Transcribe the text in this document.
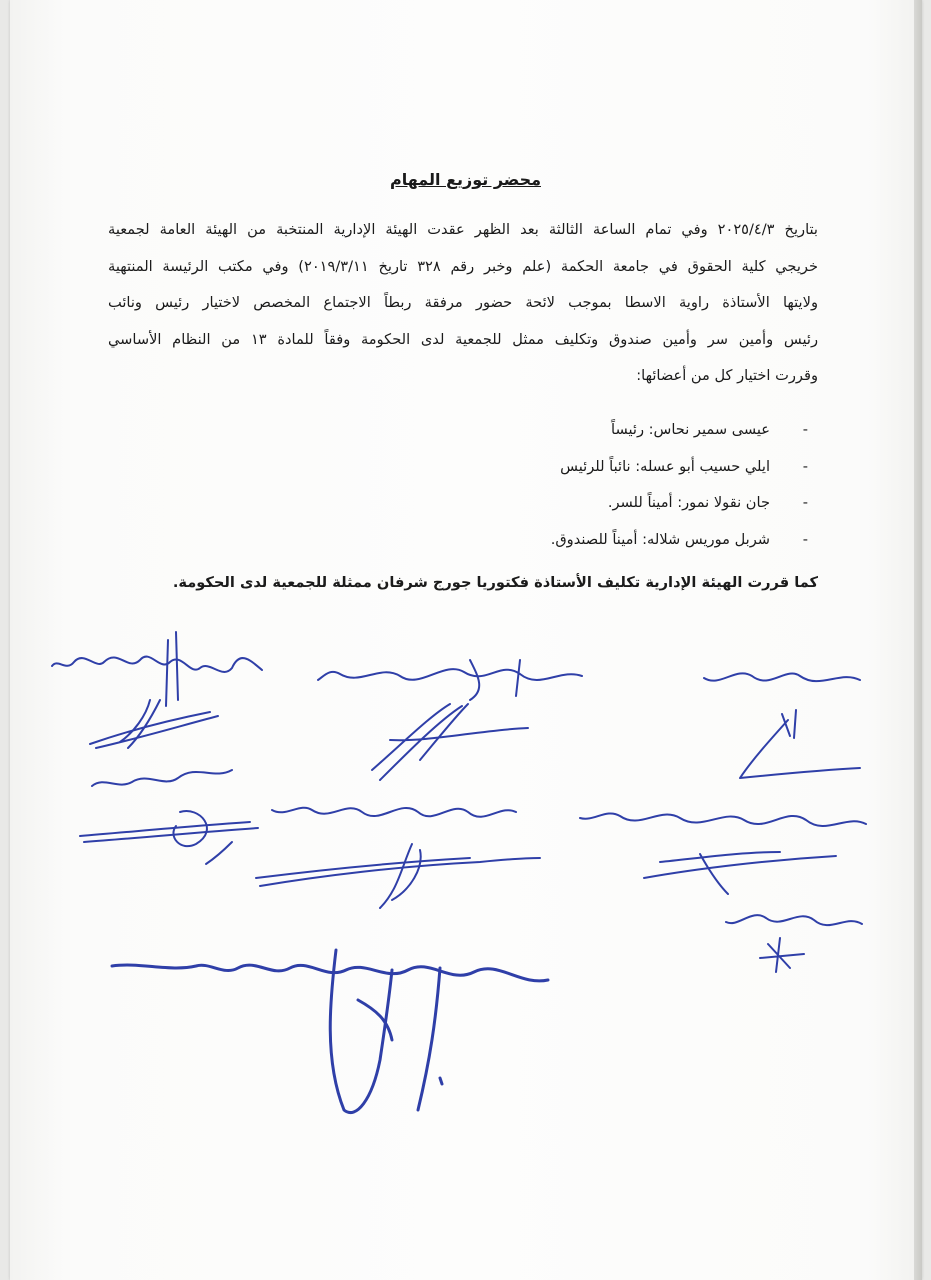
محضر توزيع المهام
بتاريخ ٢٠٢٥/٤/٣ وفي تمام الساعة الثالثة بعد الظهر عقدت الهيئة الإدارية المنتخبة من الهيئة العامة لجمعية
خريجي كلية الحقوق في جامعة الحكمة (علم وخبر رقم ٣٢٨ تاريخ ٢٠١٩/٣/١١) وفي مكتب الرئيسة المنتهية
ولايتها الأستاذة راوية الاسطا بموجب لائحة حضور مرفقة ربطاً الاجتماع المخصص لاختيار رئيس ونائب
رئيس وأمين سر وأمين صندوق وتكليف ممثل للجمعية لدى الحكومة وفقاً للمادة ١٣ من النظام الأساسي
وقررت اختيار كل من أعضائها:
-عيسى سمير نحاس: رئيساً
-ايلي حسيب أبو عسله: نائباً للرئيس
-جان نقولا نمور: أميناً للسر.
-شربل موريس شلاله: أميناً للصندوق.
كما قررت الهيئة الإدارية تكليف الأستاذة فكتوريا جورج شرفان ممثلة للجمعية لدى الحكومة.
